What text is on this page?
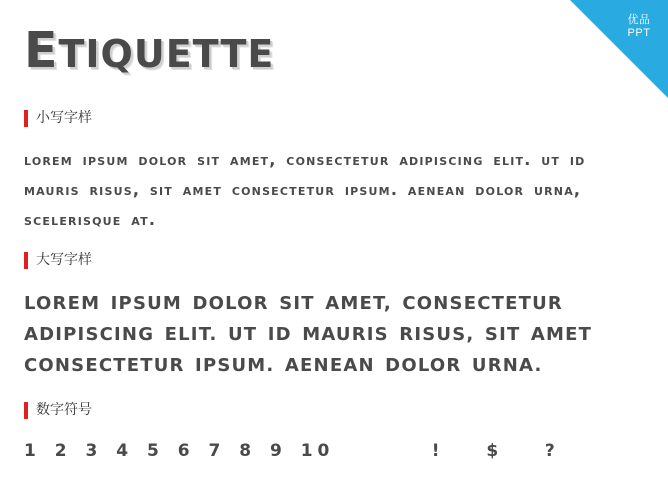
优品
PPT
ETIQUETTE
小写字样
lorem ipsum dolor sit amet, consectetur adipiscing elit. ut id mauris risus, sit amet consectetur ipsum. aenean dolor urna, scelerisque at.
大写字样
LOREM IPSUM DOLOR SIT AMET, CONSECTETUR ADIPISCING ELIT. UT ID MAURIS RISUS, SIT AMET CONSECTETUR IPSUM. AENEAN DOLOR URNA.
数字符号
1 2 3 4 5 6 7 8 9 10       !   $   ?
